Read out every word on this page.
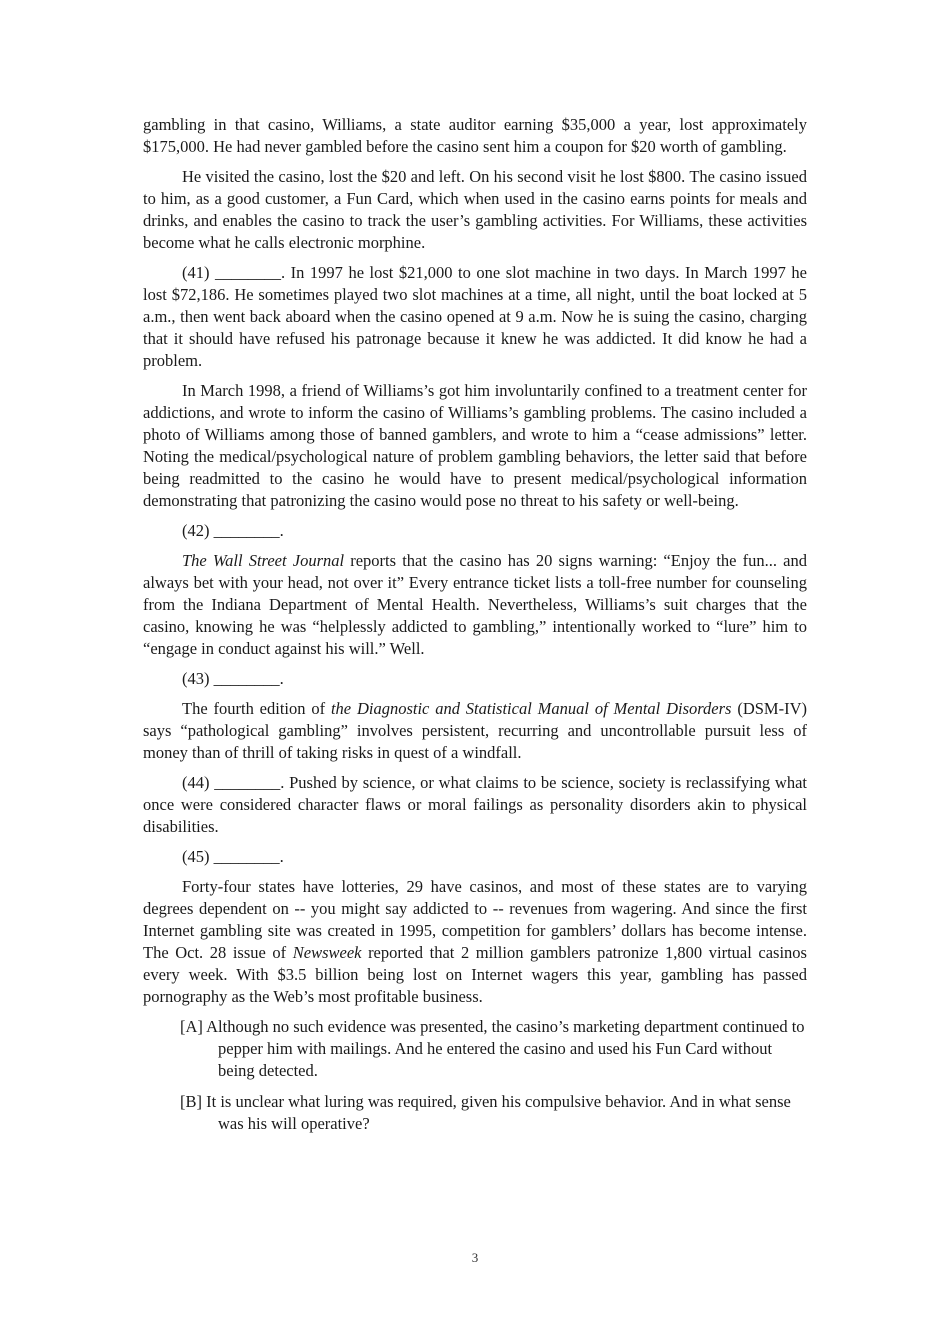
gambling in that casino, Williams, a state auditor earning $35,000 a year, lost approximately $175,000. He had never gambled before the casino sent him a coupon for $20 worth of gambling.

He visited the casino, lost the $20 and left. On his second visit he lost $800. The casino issued to him, as a good customer, a Fun Card, which when used in the casino earns points for meals and drinks, and enables the casino to track the user’s gambling activities. For Williams, these activities become what he calls electronic morphine.

(41) ________. In 1997 he lost $21,000 to one slot machine in two days. In March 1997 he lost $72,186. He sometimes played two slot machines at a time, all night, until the boat locked at 5 a.m., then went back aboard when the casino opened at 9 a.m. Now he is suing the casino, charging that it should have refused his patronage because it knew he was addicted. It did know he had a problem.

In March 1998, a friend of Williams’s got him involuntarily confined to a treatment center for addictions, and wrote to inform the casino of Williams’s gambling problems. The casino included a photo of Williams among those of banned gamblers, and wrote to him a “cease admissions” letter. Noting the medical/psychological nature of problem gambling behaviors, the letter said that before being readmitted to the casino he would have to present medical/psychological information demonstrating that patronizing the casino would pose no threat to his safety or well-being.

(42) ________.

The Wall Street Journal reports that the casino has 20 signs warning: “Enjoy the fun... and always bet with your head, not over it” Every entrance ticket lists a toll-free number for counseling from the Indiana Department of Mental Health. Nevertheless, Williams’s suit charges that the casino, knowing he was “helplessly addicted to gambling,” intentionally worked to “lure” him to “engage in conduct against his will.” Well.

(43) ________.

The fourth edition of the Diagnostic and Statistical Manual of Mental Disorders (DSM-IV) says “pathological gambling” involves persistent, recurring and uncontrollable pursuit less of money than of thrill of taking risks in quest of a windfall.

(44) ________. Pushed by science, or what claims to be science, society is reclassifying what once were considered character flaws or moral failings as personality disorders akin to physical disabilities.

(45) ________.

Forty-four states have lotteries, 29 have casinos, and most of these states are to varying degrees dependent on -- you might say addicted to -- revenues from wagering. And since the first Internet gambling site was created in 1995, competition for gamblers’ dollars has become intense. The Oct. 28 issue of Newsweek reported that 2 million gamblers patronize 1,800 virtual casinos every week. With $3.5 billion being lost on Internet wagers this year, gambling has passed pornography as the Web’s most profitable business.

[A] Although no such evidence was presented, the casino’s marketing department continued to pepper him with mailings. And he entered the casino and used his Fun Card without being detected.
[B] It is unclear what luring was required, given his compulsive behavior. And in what sense was his will operative?
3
